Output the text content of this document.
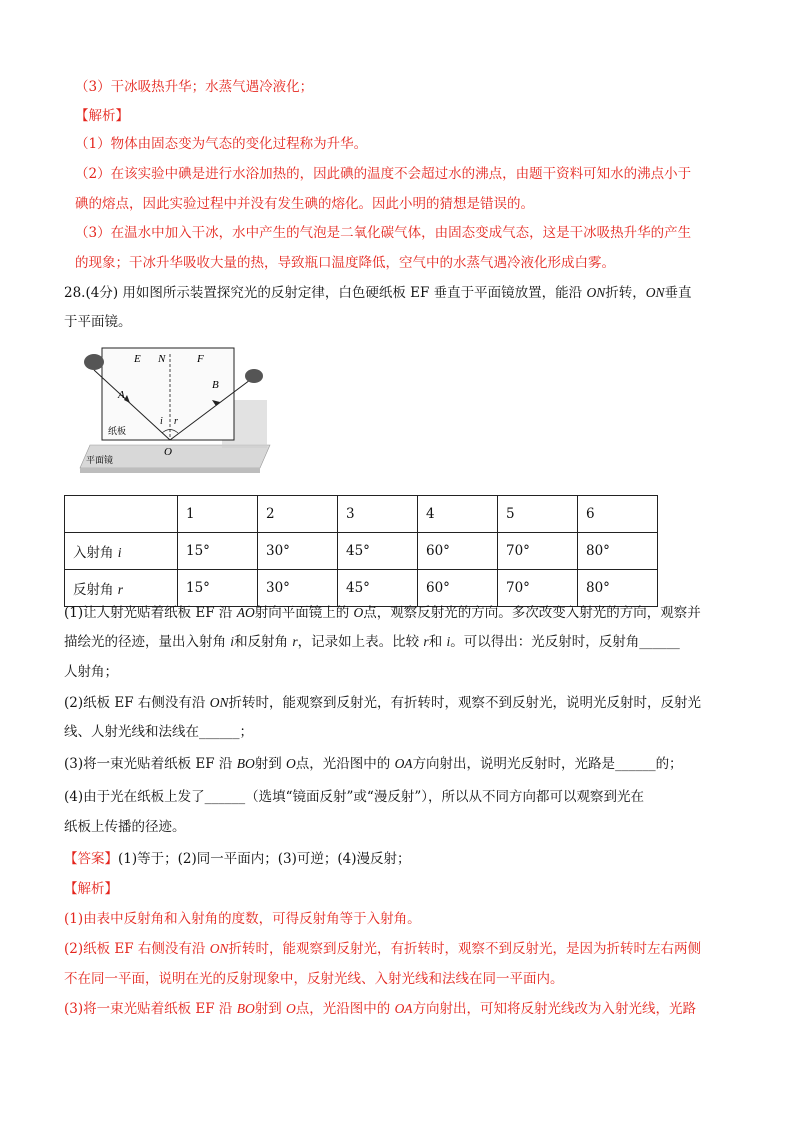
（3）干冰吸热升华；水蒸气遇冷液化；
【解析】
（1）物体由固态变为气态的变化过程称为升华。
（2）在该实验中碘是进行水浴加热的，因此碘的温度不会超过水的沸点，由题干资料可知水的沸点小于
碘的熔点，因此实验过程中并没有发生碘的熔化。因此小明的猜想是错误的。
（3）在温水中加入干冰，水中产生的气泡是二氧化碳气体，由固态变成气态，这是干冰吸热升华的产生
的现象；干冰升华吸收大量的热，导致瓶口温度降低，空气中的水蒸气遇冷液化形成白雾。
28.(4分) 用如图所示装置探究光的反射定律，白色硬纸板 EF 垂直于平面镜放置，能沿 ON折转，ON垂直
于平面镜。
E N	F
A
B
i r
O
纸板
平面镜
	1	2	3	4	5	6
入射角 i	15°	30°	45°	60°	70°	80°
反射角 r	15°	30°	45°	60°	70°	80°
(1)让人射光贴着纸板 EF 沿 AO射向平面镜上的 O点，观察反射光的方向。多次改变入射光的方向，观察并
描绘光的径迹，量出入射角 i和反射角 r，记录如上表。比较 r和 i。可以得出：光反射时，反射角______
人射角；
(2)纸板 EF 右侧没有沿 ON折转时，能观察到反射光，有折转时，观察不到反射光，说明光反射时，反射光
线、人射光线和法线在______；
(3)将一束光贴着纸板 EF 沿 BO射到 O点，光沿图中的 OA方向射出，说明光反射时，光路是______的；
(4)由于光在纸板上发了______（选填“镜面反射”或“漫反射”），所以从不同方向都可以观察到光在
纸板上传播的径迹。
【答案】(1)等于；(2)同一平面内；(3)可逆；(4)漫反射；
【解析】
(1)由表中反射角和入射角的度数，可得反射角等于入射角。
(2)纸板 EF 右侧没有沿 ON折转时，能观察到反射光，有折转时，观察不到反射光，是因为折转时左右两侧
不在同一平面，说明在光的反射现象中，反射光线、入射光线和法线在同一平面内。
(3)将一束光贴着纸板 EF 沿 BO射到 O点，光沿图中的 OA方向射出，可知将反射光线改为入射光线，光路
